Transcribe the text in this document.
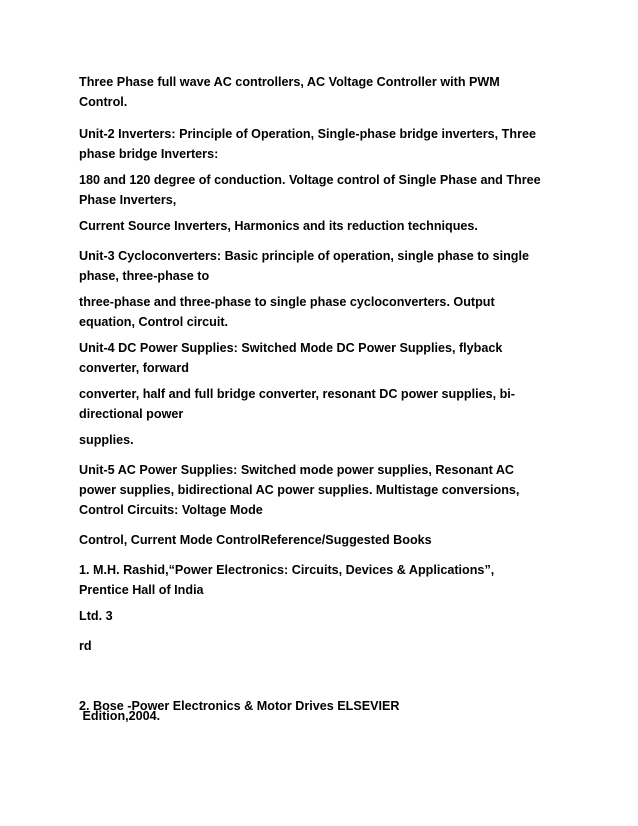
Three Phase full wave AC controllers, AC Voltage Controller with PWM
Control.

Unit-2 Inverters: Principle of Operation, Single-phase bridge inverters, Three
phase bridge Inverters:

180 and 120 degree of conduction. Voltage control of Single Phase and Three
Phase Inverters,

Current Source Inverters, Harmonics and its reduction techniques.

Unit-3 Cycloconverters: Basic principle of operation, single phase to single
phase, three-phase to

three-phase and three-phase to single phase cycloconverters. Output
equation, Control circuit.

Unit-4 DC Power Supplies: Switched Mode DC Power Supplies, flyback
converter, forward

converter, half and full bridge converter, resonant DC power supplies, bi-
directional power

supplies.

Unit-5 AC Power Supplies: Switched mode power supplies, Resonant AC
power supplies, bidirectional AC power supplies. Multistage conversions,
Control Circuits: Voltage Mode

Control, Current Mode ControlReference/Suggested Books

1. M.H. Rashid,“Power Electronics: Circuits, Devices & Applications”,
Prentice Hall of India

Ltd. 3

rd

Edition,2004.

2. Bose -Power Electronics & Motor Drives ELSEVIER
